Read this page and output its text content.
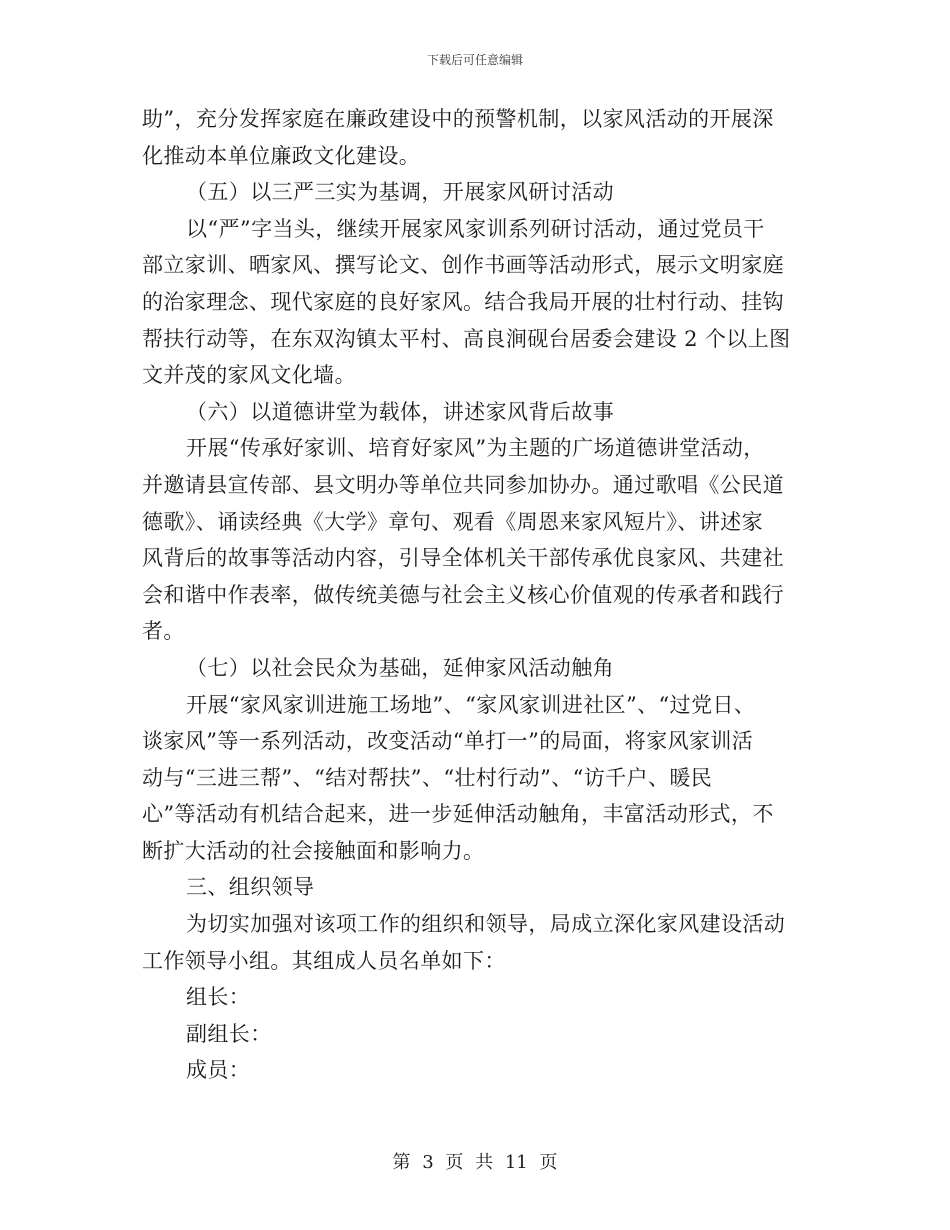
下载后可任意编辑
助”，充分发挥家庭在廉政建设中的预警机制，以家风活动的开展深
化推动本单位廉政文化建设。
（五）以三严三实为基调，开展家风研讨活动
以“严”字当头，继续开展家风家训系列研讨活动，通过党员干
部立家训、晒家风、撰写论文、创作书画等活动形式，展示文明家庭
的治家理念、现代家庭的良好家风。结合我局开展的壮村行动、挂钩
帮扶行动等，在东双沟镇太平村、高良涧砚台居委会建设 2 个以上图
文并茂的家风文化墙。
（六）以道德讲堂为载体，讲述家风背后故事
开展“传承好家训、培育好家风”为主题的广场道德讲堂活动，
并邀请县宣传部、县文明办等单位共同参加协办。通过歌唱《公民道
德歌》、诵读经典《大学》章句、观看《周恩来家风短片》、讲述家
风背后的故事等活动内容，引导全体机关干部传承优良家风、共建社
会和谐中作表率，做传统美德与社会主义核心价值观的传承者和践行
者。
（七）以社会民众为基础，延伸家风活动触角
开展“家风家训进施工场地”、“家风家训进社区”、“过党日、
谈家风”等一系列活动，改变活动“单打一”的局面，将家风家训活
动与“三进三帮”、“结对帮扶”、“壮村行动”、“访千户、暖民
心”等活动有机结合起来，进一步延伸活动触角，丰富活动形式，不
断扩大活动的社会接触面和影响力。
三、组织领导
为切实加强对该项工作的组织和领导，局成立深化家风建设活动
工作领导小组。其组成人员名单如下：
组长：
副组长：
成员：
第 3 页 共 11 页
